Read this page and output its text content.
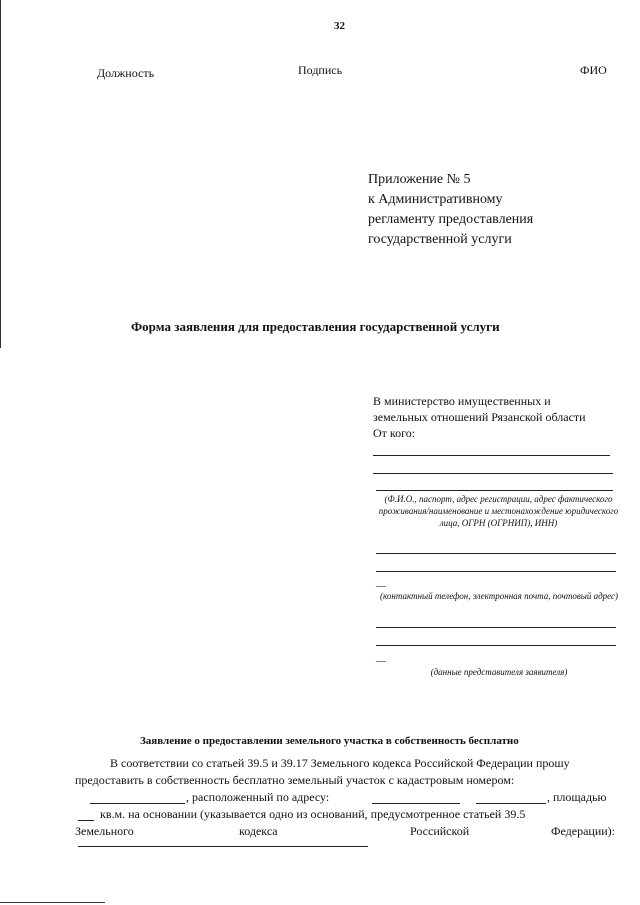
32
Должность	Подпись	ФИО
Приложение № 5
к Административному
регламенту предоставления
государственной услуги
Форма заявления для предоставления государственной услуги
В министерство имущественных и
земельных отношений Рязанской области
От кого:
(Ф.И.О., паспорт, адрес регистрации, адрес фактического проживания/наименование и местонахождение юридического лица, ОГРН (ОГРНИП), ИНН)
__
(контактный телефон, электронная почта, почтовый адрес)
__
(данные представителя заявителя)
Заявление о предоставлении земельного участка в собственность бесплатно
В соответствии со статьей 39.5 и 39.17 Земельного кодекса Российской Федерации прошу
предоставить в собственность бесплатно земельный участок с кадастровым номером:
, расположенный по адресу:	, площадью
кв.м. на основании (указывается одно из оснований, предусмотренное статьей 39.5
Земельного	кодекса	Российской	Федерации):
